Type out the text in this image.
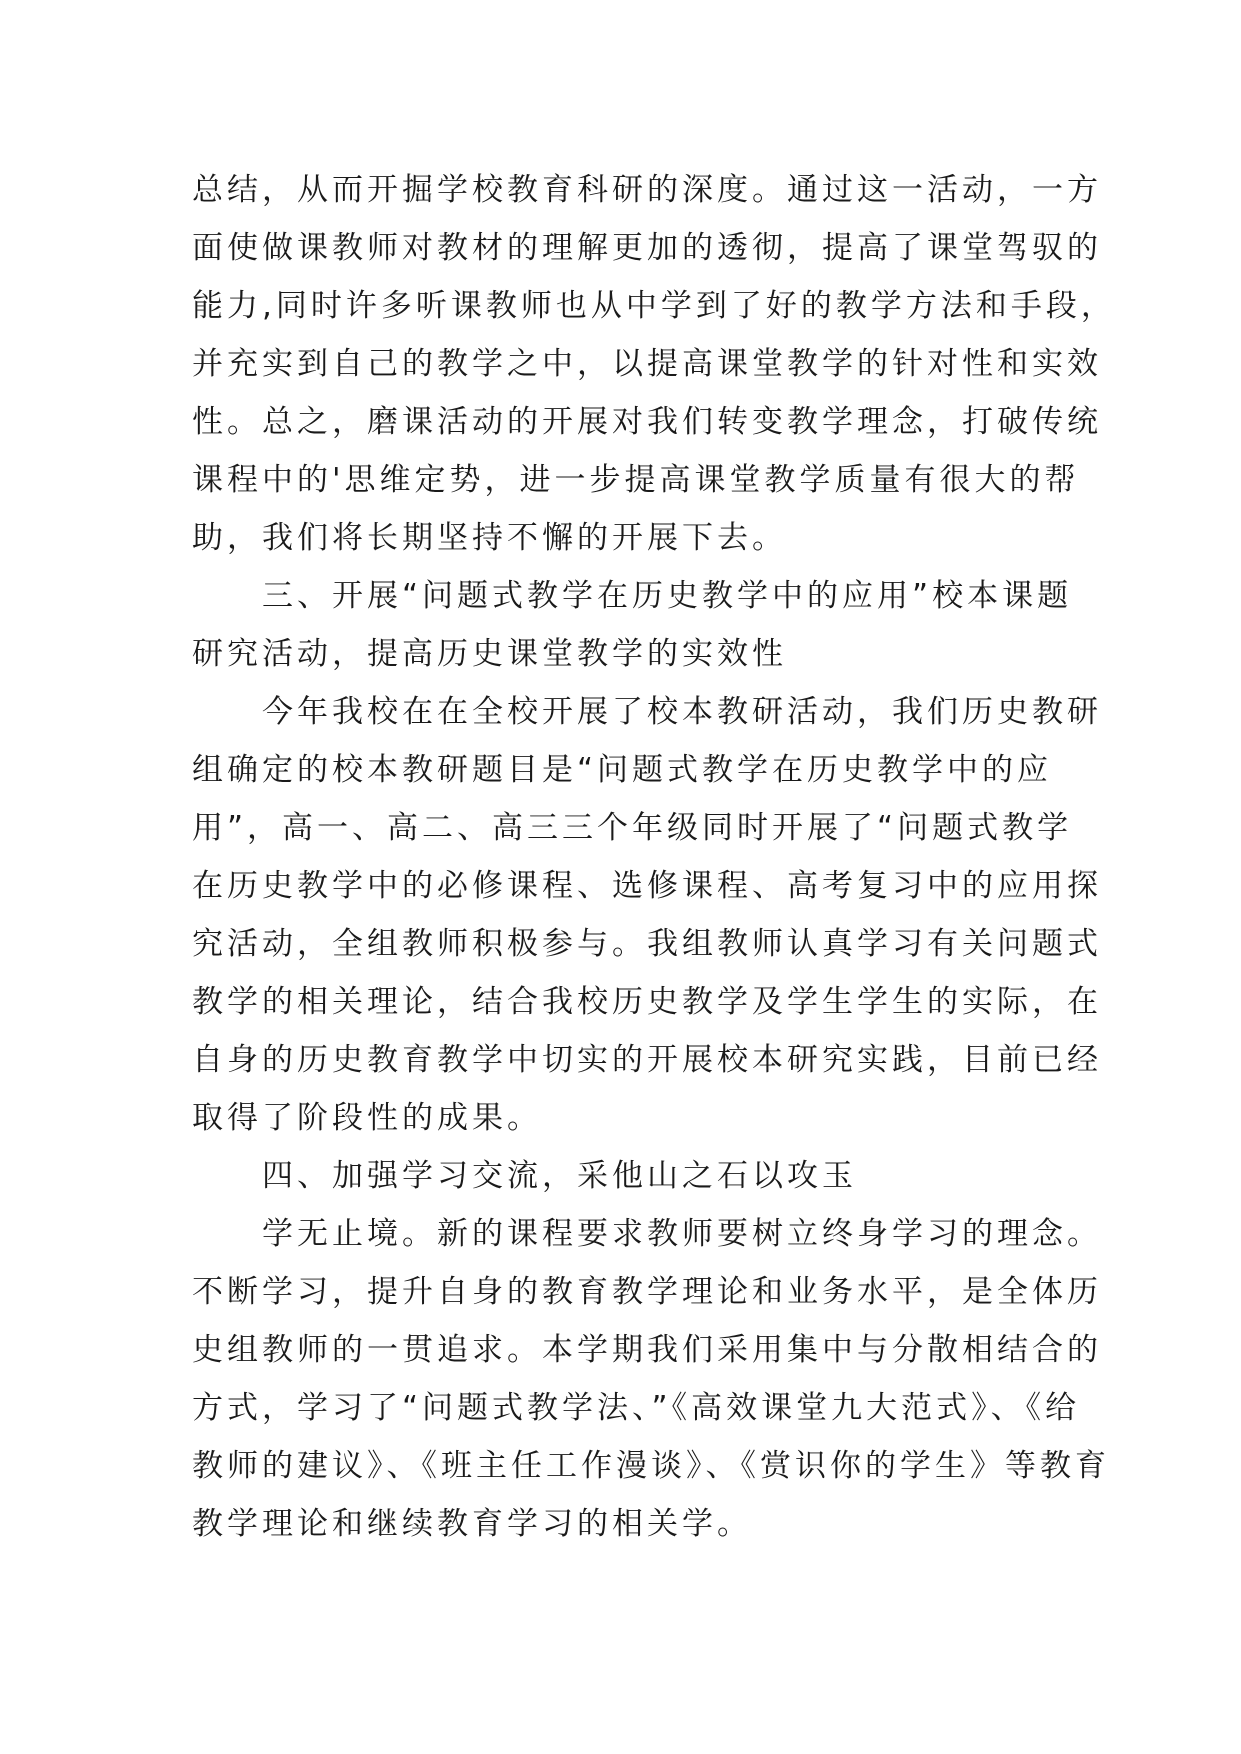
总结，从而开掘学校教育科研的深度。通过这一活动，一方
面使做课教师对教材的理解更加的透彻，提高了课堂驾驭的
能力,同时许多听课教师也从中学到了好的教学方法和手段，
并充实到自己的教学之中，以提高课堂教学的针对性和实效
性。总之，磨课活动的开展对我们转变教学理念，打破传统
课程中的'思维定势，进一步提高课堂教学质量有很大的帮
助，我们将长期坚持不懈的开展下去。
　　三、开展“问题式教学在历史教学中的应用”校本课题
研究活动，提高历史课堂教学的实效性
　　今年我校在在全校开展了校本教研活动，我们历史教研
组确定的校本教研题目是“问题式教学在历史教学中的应
用”，高一、高二、高三三个年级同时开展了“问题式教学
在历史教学中的必修课程、选修课程、高考复习中的应用探
究活动，全组教师积极参与。我组教师认真学习有关问题式
教学的相关理论，结合我校历史教学及学生学生的实际，在
自身的历史教育教学中切实的开展校本研究实践，目前已经
取得了阶段性的成果。
　　四、加强学习交流，采他山之石以攻玉
　　学无止境。新的课程要求教师要树立终身学习的理念。
不断学习，提升自身的教育教学理论和业务水平，是全体历
史组教师的一贯追求。本学期我们采用集中与分散相结合的
方式，学习了“问题式教学法、”《高效课堂九大范式》、《给
教师的建议》、《班主任工作漫谈》、《赏识你的学生》等教育
教学理论和继续教育学习的相关学。
